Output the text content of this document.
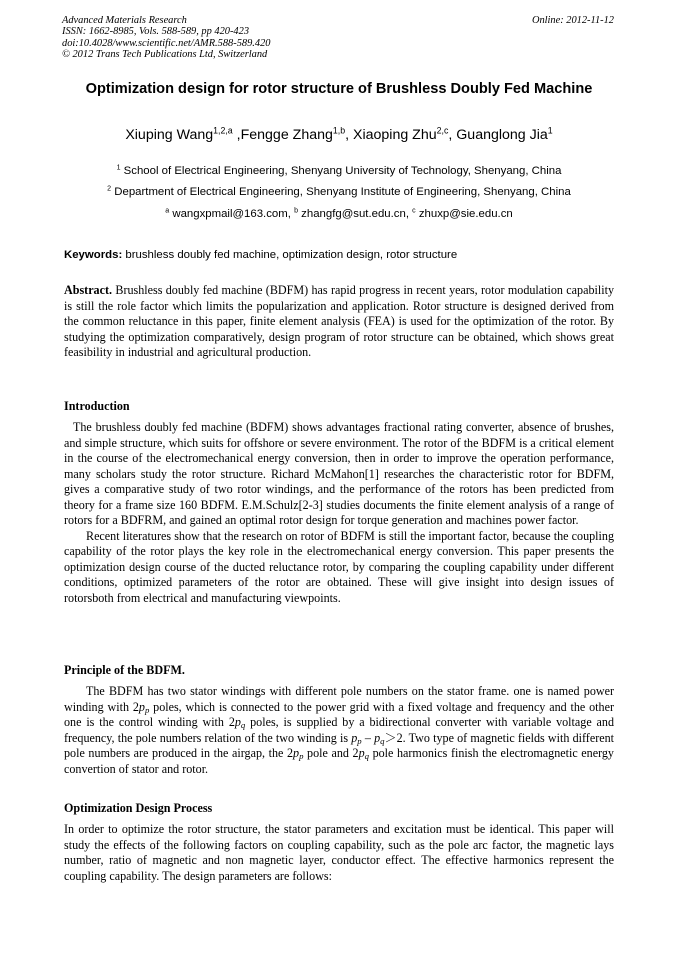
Advanced Materials Research
ISSN: 1662-8985, Vols. 588-589, pp 420-423
doi:10.4028/www.scientific.net/AMR.588-589.420
© 2012 Trans Tech Publications Ltd, Switzerland
Online: 2012-11-12
Optimization design for rotor structure of Brushless Doubly Fed Machine
Xiuping Wang$^{1,2,a}$ ,Fengge Zhang$^{1,b}$, Xiaoping Zhu$^{2,c}$, Guanglong Jia$^1$
$^1$ School of Electrical Engineering, Shenyang University of Technology, Shenyang, China
$^2$ Department of Electrical Engineering, Shenyang Institute of Engineering, Shenyang, China
$^a$ wangxpmail@163.com, $^b$ zhangfg@sut.edu.cn, $^c$ zhuxp@sie.edu.cn
Keywords: brushless doubly fed machine, optimization design, rotor structure

Abstract. Brushless doubly fed machine (BDFM) has rapid progress in recent years, rotor modulation capability is still the role factor which limits the popularization and application. Rotor structure is designed derived from the common reluctance in this paper, finite element analysis (FEA) is used for the optimization of the rotor. By studying the optimization comparatively, design program of rotor structure can be obtained, which shows great feasibility in industrial and agricultural production.

Introduction

The brushless doubly fed machine (BDFM) shows advantages fractional rating converter, absence of brushes, and simple structure, which suits for offshore or severe environment. The rotor of the BDFM is a critical element in the course of the electromechanical energy conversion, then in order to improve the operation performance, many scholars study the rotor structure. Richard McMahon[1] researches the characteristic rotor for BDFM, gives a comparative study of two rotor windings, and the performance of the rotors has been predicted from theory for a frame size 160 BDFM. E.M.Schulz[2-3] studies documents the finite element analysis of a range of rotors for a BDFRM, and gained an optimal rotor design for torque generation and machines power factor.

Recent literatures show that the research on rotor of BDFM is still the important factor, because the coupling capability of the rotor plays the key role in the electromechanical energy conversion. This paper presents the optimization design course of the ducted reluctance rotor, by comparing the coupling capability under different conditions, optimized parameters of the rotor are obtained. These will give insight into design issues of rotorsboth from electrical and manufacturing viewpoints.

Principle of the BDFM.

The BDFM has two stator windings with different pole numbers on the stator frame. one is named power winding with $2p_p$ poles, which is connected to the power grid with a fixed voltage and frequency and the other one is the control winding with $2p_q$ poles, is supplied by a bidirectional converter with variable voltage and frequency, the pole numbers relation of the two winding is $p_p - p_q>2$. Two type of magnetic fields with different pole numbers are produced in the airgap, the $2p_p$ pole and $2p_q$ pole harmonics finish the electromagnetic energy convertion of stator and rotor.

Optimization Design Process

In order to optimize the rotor structure, the stator parameters and excitation must be identical. This paper will study the effects of the following factors on coupling capability, such as the pole arc factor, the magnetic lays number, ratio of magnetic and non magnetic layer, conductor effect. The effective harmonics represent the coupling capability. The design parameters are follows:
